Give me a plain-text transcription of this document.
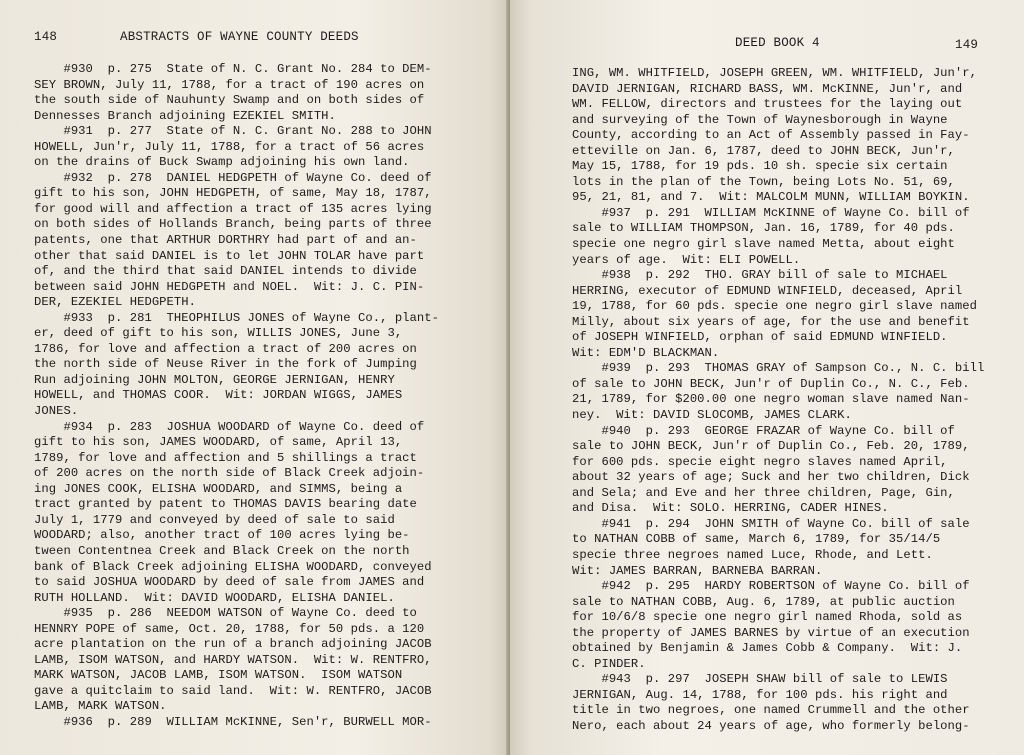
148	ABSTRACTS OF WAYNE COUNTY DEEDS
#930  p. 275  State of N. C. Grant No. 284 to DEM-
SEY BROWN, July 11, 1788, for a tract of 190 acres on
the south side of Nauhunty Swamp and on both sides of
Dennesses Branch adjoining EZEKIEL SMITH.
#931  p. 277  State of N. C. Grant No. 288 to JOHN
HOWELL, Jun'r, July 11, 1788, for a tract of 56 acres
on the drains of Buck Swamp adjoining his own land.
#932  p. 278  DANIEL HEDGPETH of Wayne Co. deed of
gift to his son, JOHN HEDGPETH, of same, May 18, 1787,
for good will and affection a tract of 135 acres lying
on both sides of Hollands Branch, being parts of three
patents, one that ARTHUR DORTHRY had part of and an-
other that said DANIEL is to let JOHN TOLAR have part
of, and the third that said DANIEL intends to divide
between said JOHN HEDGPETH and NOEL.  Wit: J. C. PIN-
DER, EZEKIEL HEDGPETH.
#933  p. 281  THEOPHILUS JONES of Wayne Co., plant-
er, deed of gift to his son, WILLIS JONES, June 3,
1786, for love and affection a tract of 200 acres on
the north side of Neuse River in the fork of Jumping
Run adjoining JOHN MOLTON, GEORGE JERNIGAN, HENRY
HOWELL, and THOMAS COOR.  Wit: JORDAN WIGGS, JAMES
JONES.
#934  p. 283  JOSHUA WOODARD of Wayne Co. deed of
gift to his son, JAMES WOODARD, of same, April 13,
1789, for love and affection and 5 shillings a tract
of 200 acres on the north side of Black Creek adjoin-
ing JONES COOK, ELISHA WOODARD, and SIMMS, being a
tract granted by patent to THOMAS DAVIS bearing date
July 1, 1779 and conveyed by deed of sale to said
WOODARD; also, another tract of 100 acres lying be-
tween Contentnea Creek and Black Creek on the north
bank of Black Creek adjoining ELISHA WOODARD, conveyed
to said JOSHUA WOODARD by deed of sale from JAMES and
RUTH HOLLAND.  Wit: DAVID WOODARD, ELISHA DANIEL.
#935  p. 286  NEEDOM WATSON of Wayne Co. deed to
HENNRY POPE of same, Oct. 20, 1788, for 50 pds. a 120
acre plantation on the run of a branch adjoining JACOB
LAMB, ISOM WATSON, and HARDY WATSON.  Wit: W. RENTFRO,
MARK WATSON, JACOB LAMB, ISOM WATSON.  ISOM WATSON
gave a quitclaim to said land.  Wit: W. RENTFRO, JACOB
LAMB, MARK WATSON.
#936  p. 289  WILLIAM McKINNE, Sen'r, BURWELL MOR-
DEED BOOK 4	149
ING, WM. WHITFIELD, JOSEPH GREEN, WM. WHITFIELD, Jun'r,
DAVID JERNIGAN, RICHARD BASS, WM. McKINNE, Jun'r, and
WM. FELLOW, directors and trustees for the laying out
and surveying of the Town of Waynesborough in Wayne
County, according to an Act of Assembly passed in Fay-
etteville on Jan. 6, 1787, deed to JOHN BECK, Jun'r,
May 15, 1788, for 19 pds. 10 sh. specie six certain
lots in the plan of the Town, being Lots No. 51, 69,
95, 21, 81, and 7.  Wit: MALCOLM MUNN, WILLIAM BOYKIN.
#937  p. 291  WILLIAM McKINNE of Wayne Co. bill of
sale to WILLIAM THOMPSON, Jan. 16, 1789, for 40 pds.
specie one negro girl slave named Metta, about eight
years of age.  Wit: ELI POWELL.
#938  p. 292  THO. GRAY bill of sale to MICHAEL
HERRING, executor of EDMUND WINFIELD, deceased, April
19, 1788, for 60 pds. specie one negro girl slave named
Milly, about six years of age, for the use and benefit
of JOSEPH WINFIELD, orphan of said EDMUND WINFIELD.
Wit: EDM'D BLACKMAN.
#939  p. 293  THOMAS GRAY of Sampson Co., N. C. bill
of sale to JOHN BECK, Jun'r of Duplin Co., N. C., Feb.
21, 1789, for $200.00 one negro woman slave named Nan-
ney.  Wit: DAVID SLOCOMB, JAMES CLARK.
#940  p. 293  GEORGE FRAZAR of Wayne Co. bill of
sale to JOHN BECK, Jun'r of Duplin Co., Feb. 20, 1789,
for 600 pds. specie eight negro slaves named April,
about 32 years of age; Suck and her two children, Dick
and Sela; and Eve and her three children, Page, Gin,
and Disa.  Wit: SOLO. HERRING, CADER HINES.
#941  p. 294  JOHN SMITH of Wayne Co. bill of sale
to NATHAN COBB of same, March 6, 1789, for 35/14/5
specie three negroes named Luce, Rhode, and Lett.
Wit: JAMES BARRAN, BARNEBA BARRAN.
#942  p. 295  HARDY ROBERTSON of Wayne Co. bill of
sale to NATHAN COBB, Aug. 6, 1789, at public auction
for 10/6/8 specie one negro girl named Rhoda, sold as
the property of JAMES BARNES by virtue of an execution
obtained by Benjamin & James Cobb & Company.  Wit: J.
C. PINDER.
#943  p. 297  JOSEPH SHAW bill of sale to LEWIS
JERNIGAN, Aug. 14, 1788, for 100 pds. his right and
title in two negroes, one named Crummell and the other
Nero, each about 24 years of age, who formerly belong-
